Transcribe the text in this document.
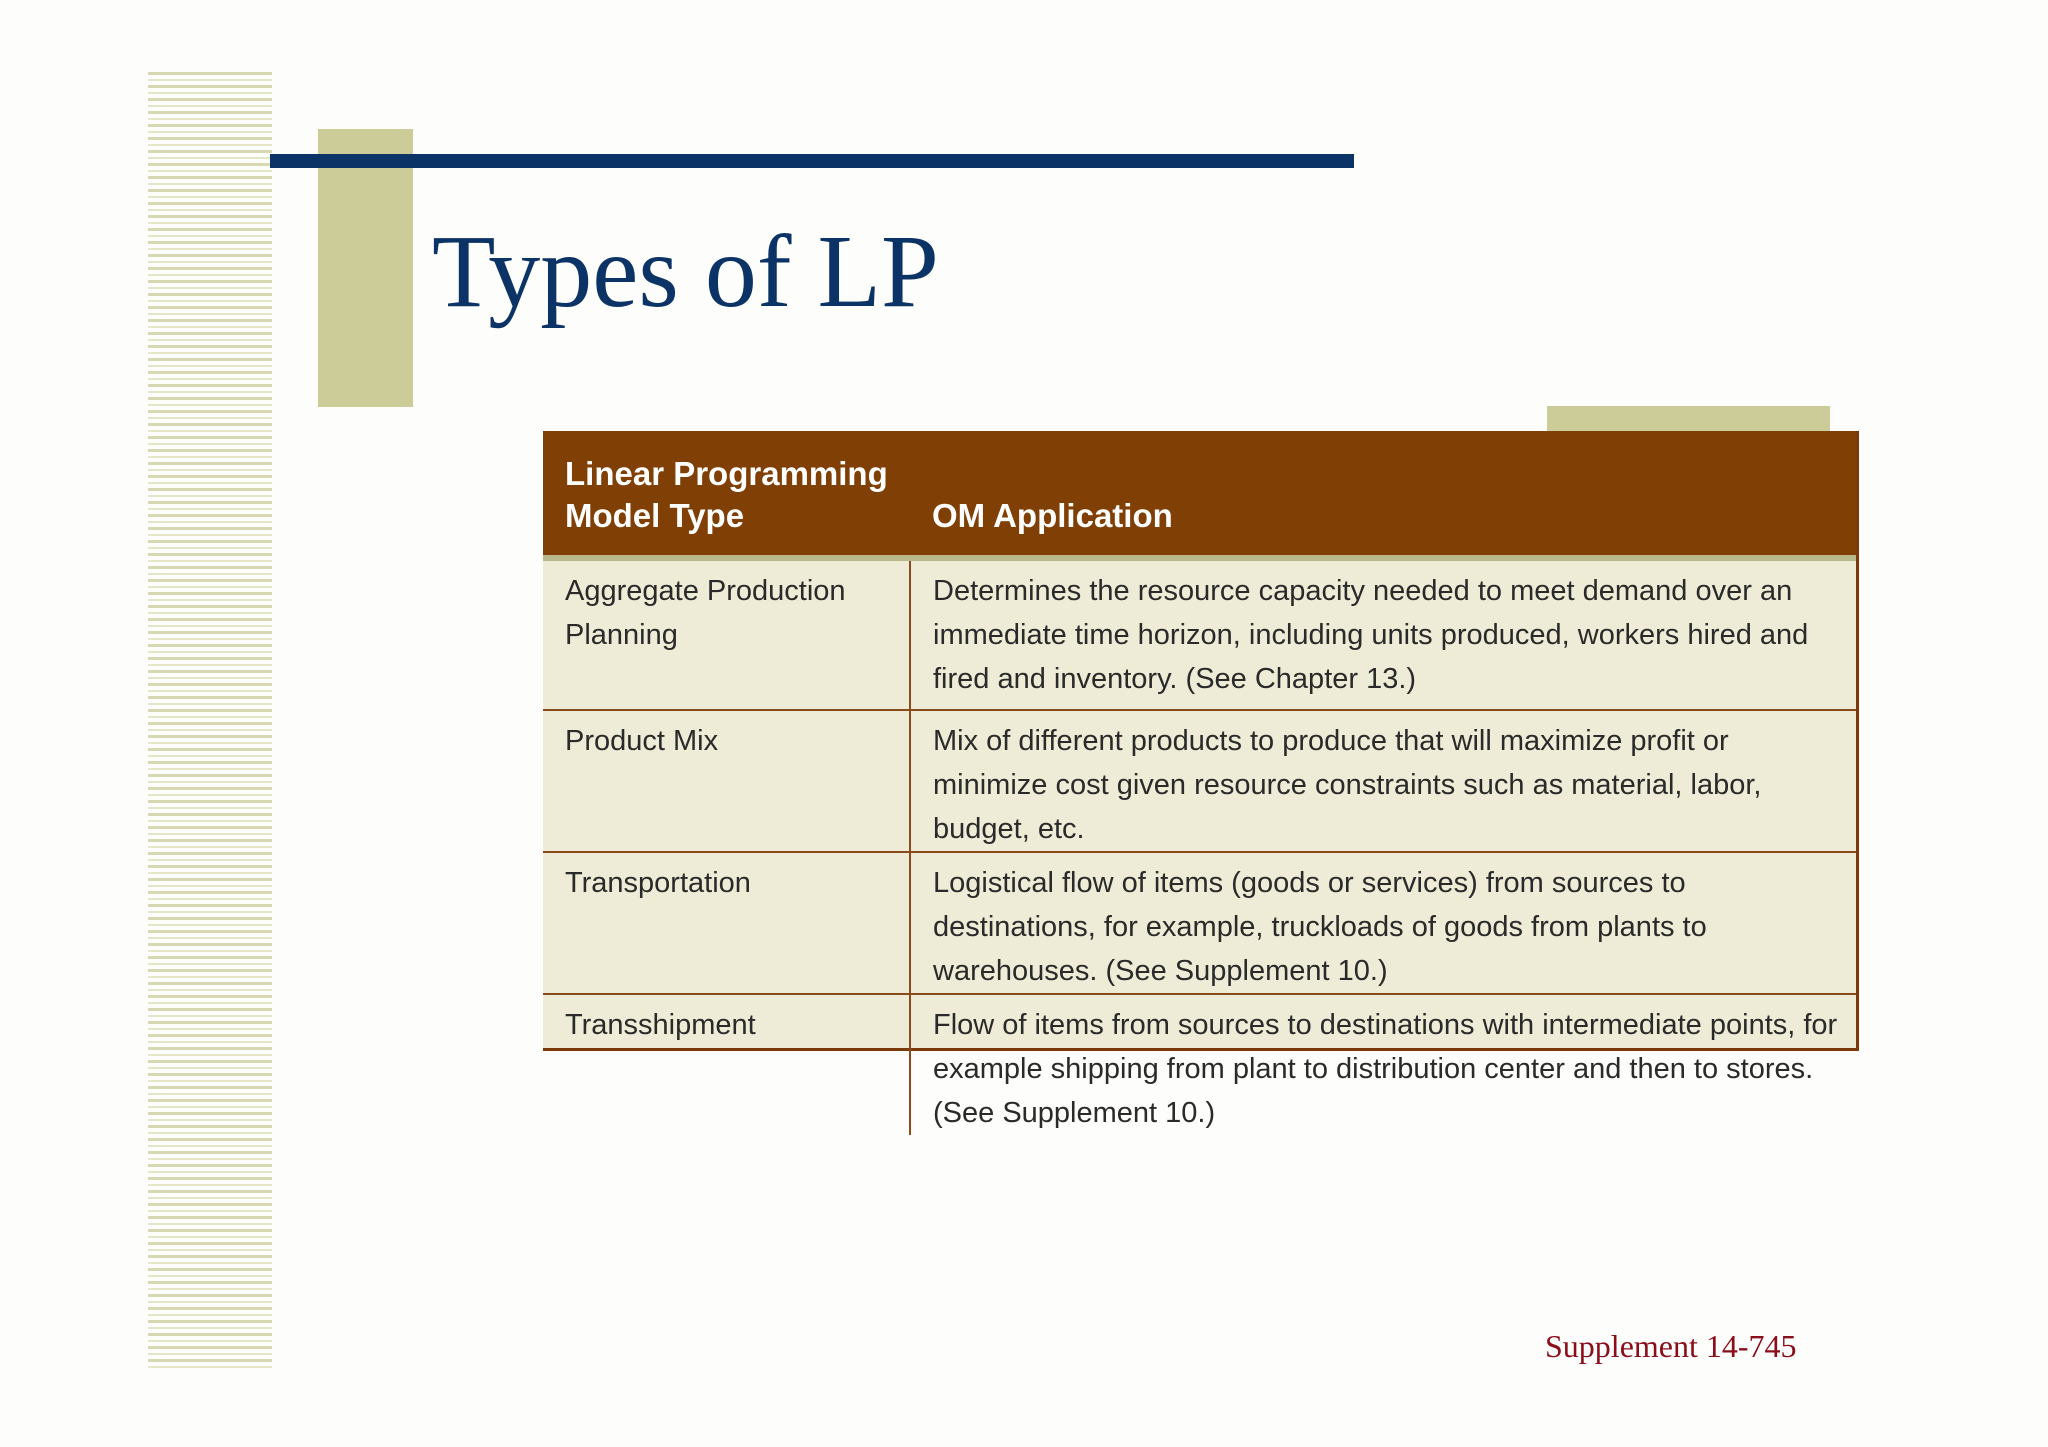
Types of LP
Linear Programming Model Type	OM Application
Aggregate Production Planning	Determines the resource capacity needed to meet demand over an immediate time horizon, including units produced, workers hired and fired and inventory. (See Chapter 13.)
Product Mix	Mix of different products to produce that will maximize profit or minimize cost given resource constraints such as material, labor, budget, etc.
Transportation	Logistical flow of items (goods or services) from sources to destinations, for example, truckloads of goods from plants to warehouses. (See Supplement 10.)
Transshipment	Flow of items from sources to destinations with intermediate points, for example shipping from plant to distribution center and then to stores. (See Supplement 10.)
Supplement 14-745
